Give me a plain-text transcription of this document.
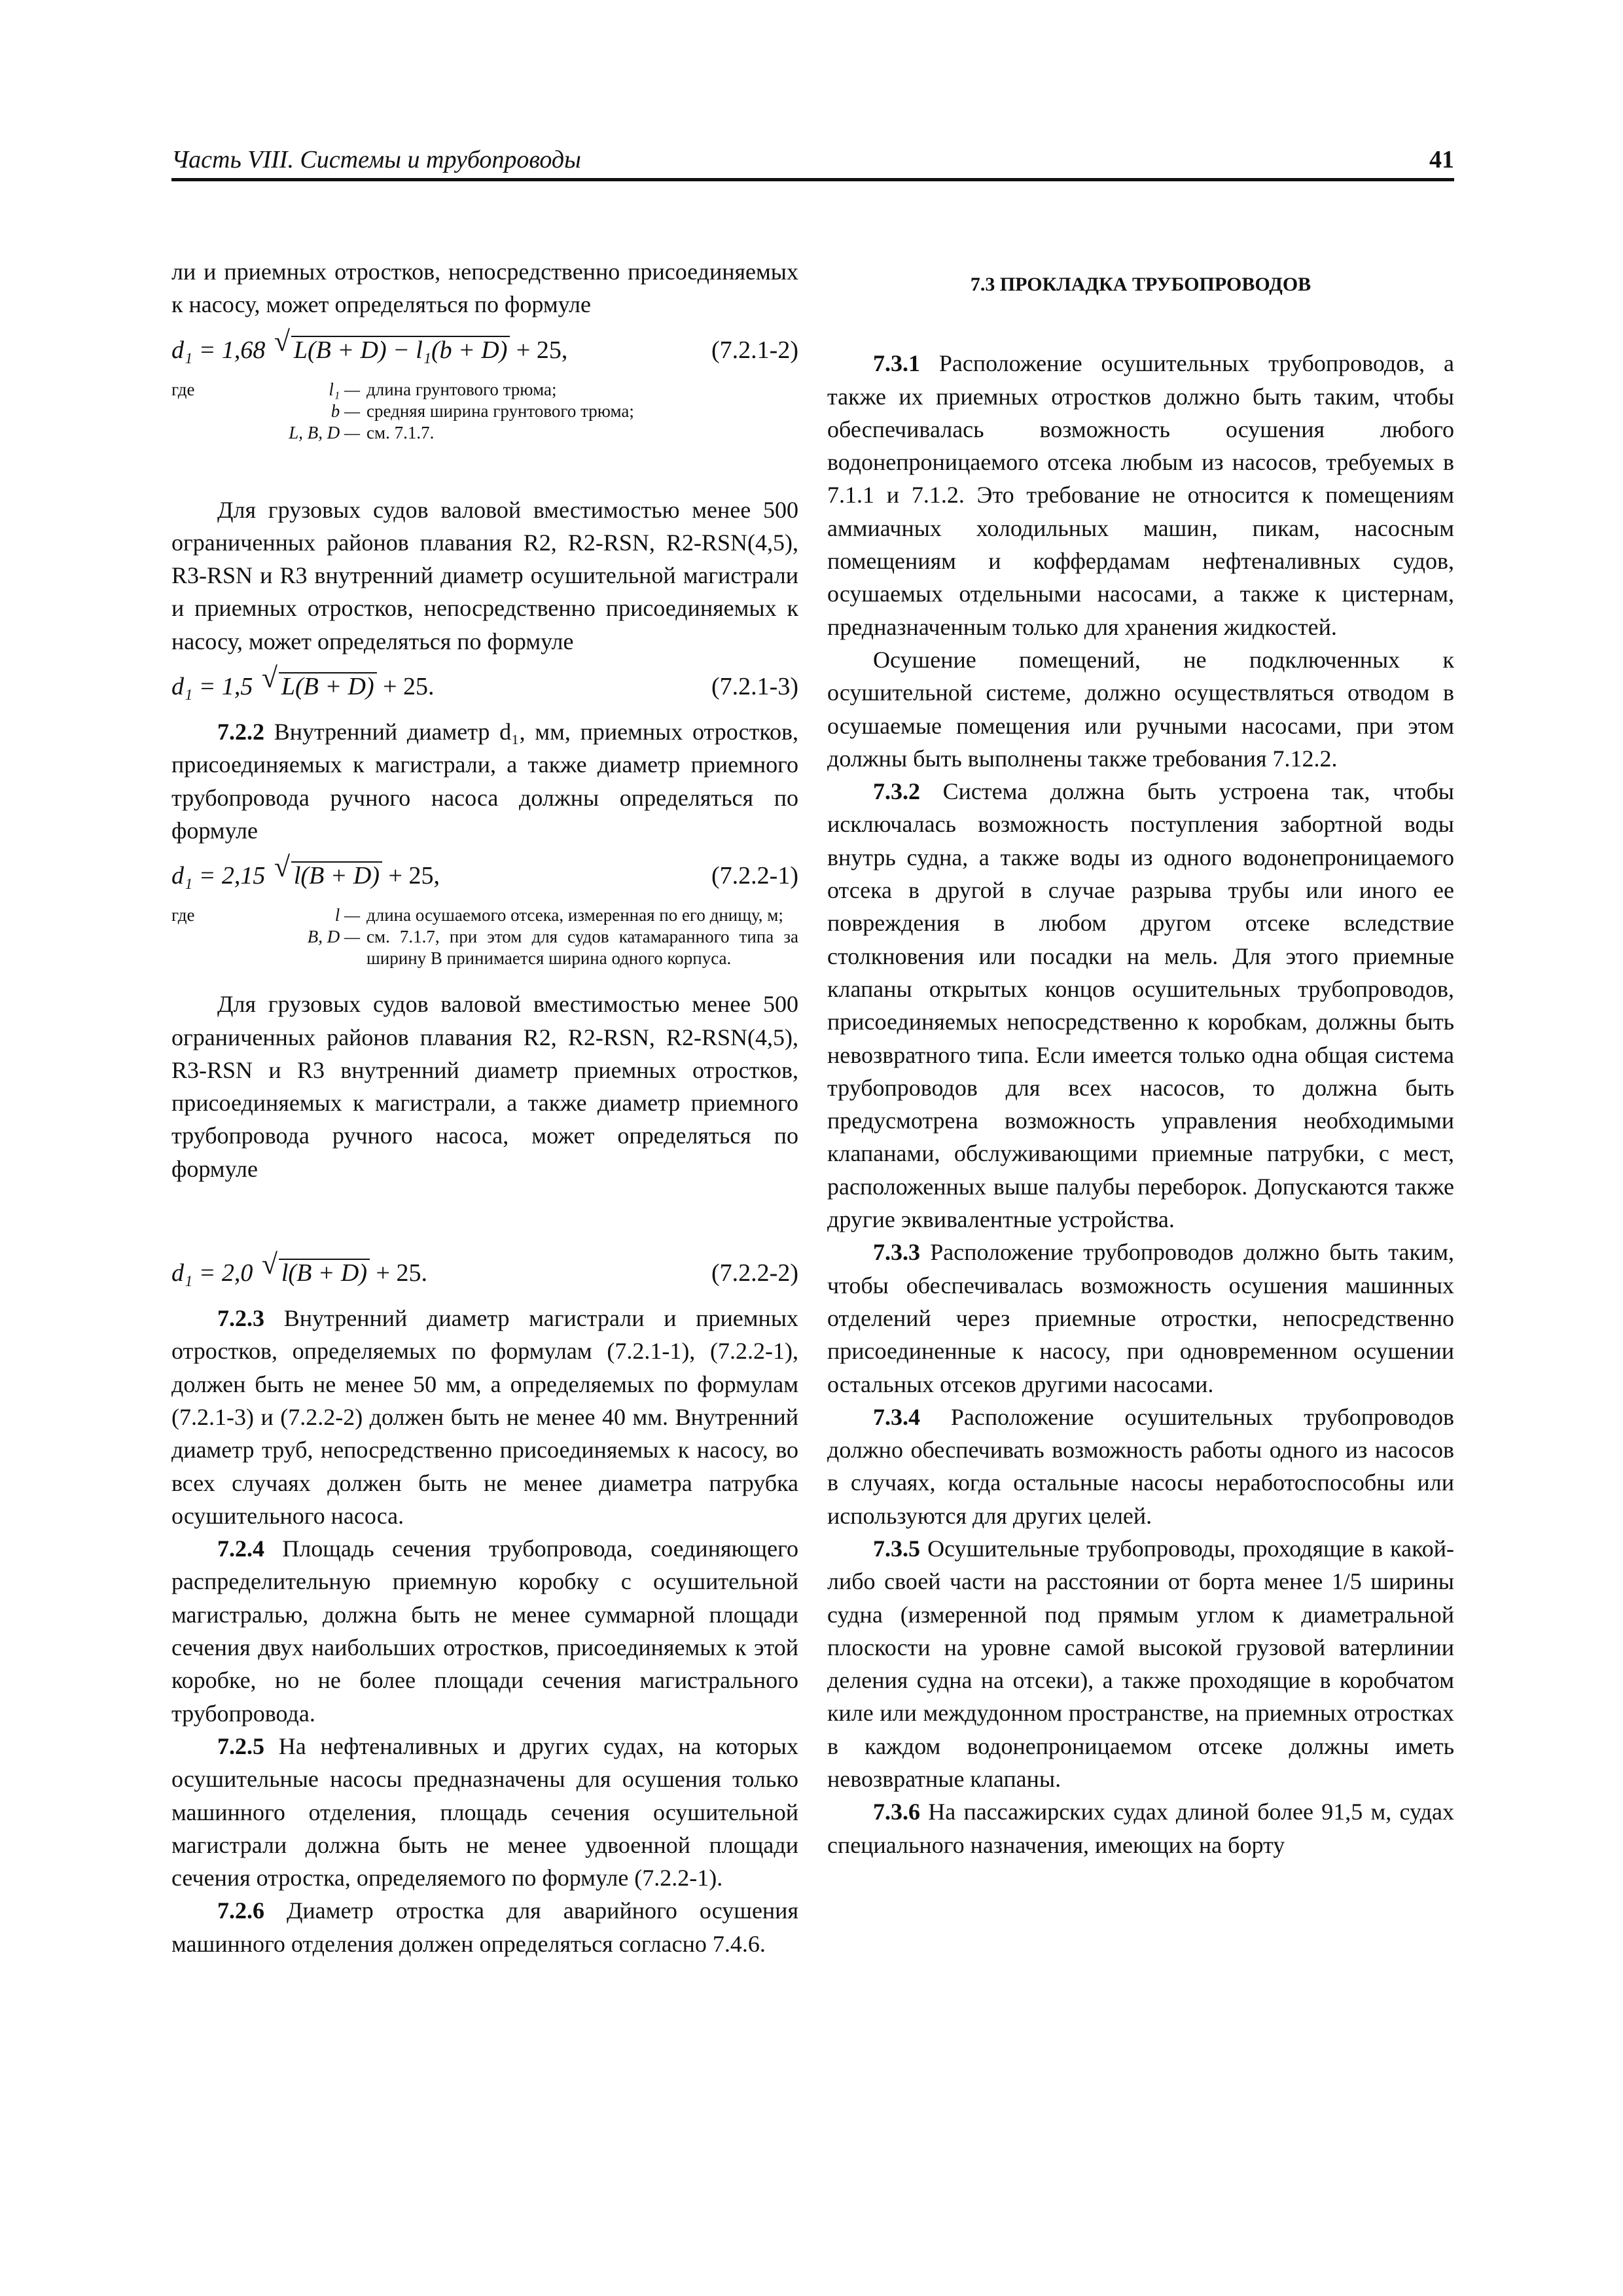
Часть VIII. Системы и трубопроводы	41

ли и приемных отростков, непосредственно присоединяемых к насосу, может определяться по формуле

d₁ = 1,68 √ L(B + D) − l₁(b + D) + 25,	(7.2.1-2)
где	l₁ — длина грунтового трюма;
b — средняя ширина грунтового трюма;
L, B, D — см. 7.1.7.

Для грузовых судов валовой вместимостью менее 500 ограниченных районов плавания R2, R2-RSN, R2-RSN(4,5), R3-RSN и R3 внутренний диаметр осушительной магистрали и приемных отростков, непосредственно присоединяемых к насосу, может определяться по формуле

d₁ = 1,5 √ L(B + D) + 25.	(7.2.1-3)

7.2.2 Внутренний диаметр d₁, мм, приемных отростков, присоединяемых к магистрали, а также диаметр приемного трубопровода ручного насоса должны определяться по формуле

d₁ = 2,15 √ l(B + D) + 25,	(7.2.2-1)
где	l — длина осушаемого отсека, измеренная по его днищу, м;
B, D — см. 7.1.7, при этом для судов катамаранного типа за ширину B принимается ширина одного корпуса.

Для грузовых судов валовой вместимостью менее 500 ограниченных районов плавания R2, R2-RSN, R2-RSN(4,5), R3-RSN и R3 внутренний диаметр приемных отростков, присоединяемых к магистрали, а также диаметр приемного трубопровода ручного насоса, может определяться по формуле

d₁ = 2,0 √ l(B + D) + 25.	(7.2.2-2)

7.2.3 Внутренний диаметр магистрали и приемных отростков, определяемых по формулам (7.2.1-1), (7.2.2-1), должен быть не менее 50 мм, а определяемых по формулам (7.2.1-3) и (7.2.2-2) должен быть не менее 40 мм. Внутренний диаметр труб, непосредственно присоединяемых к насосу, во всех случаях должен быть не менее диаметра патрубка осушительного насоса.

7.2.4 Площадь сечения трубопровода, соединяющего распределительную приемную коробку с осушительной магистралью, должна быть не менее суммарной площади сечения двух наибольших отростков, присоединяемых к этой коробке, но не более площади сечения магистрального трубопровода.

7.2.5 На нефтеналивных и других судах, на которых осушительные насосы предназначены для осушения только машинного отделения, площадь сечения осушительной магистрали должна быть не менее удвоенной площади сечения отростка, определяемого по формуле (7.2.2-1).

7.2.6 Диаметр отростка для аварийного осушения машинного отделения должен определяться согласно 7.4.6.

7.3 ПРОКЛАДКА ТРУБОПРОВОДОВ

7.3.1 Расположение осушительных трубопроводов, а также их приемных отростков должно быть таким, чтобы обеспечивалась возможность осушения любого водонепроницаемого отсека любым из насосов, требуемых в 7.1.1 и 7.1.2. Это требование не относится к помещениям аммиачных холодильных машин, пикам, насосным помещениям и коффердамам нефтеналивных судов, осушаемых отдельными насосами, а также к цистернам, предназначенным только для хранения жидкостей.

Осушение помещений, не подключенных к осушительной системе, должно осуществляться отводом в осушаемые помещения или ручными насосами, при этом должны быть выполнены также требования 7.12.2.

7.3.2 Система должна быть устроена так, чтобы исключалась возможность поступления забортной воды внутрь судна, а также воды из одного водонепроницаемого отсека в другой в случае разрыва трубы или иного ее повреждения в любом другом отсеке вследствие столкновения или посадки на мель. Для этого приемные клапаны открытых концов осушительных трубопроводов, присоединяемых непосредственно к коробкам, должны быть невозвратного типа. Если имеется только одна общая система трубопроводов для всех насосов, то должна быть предусмотрена возможность управления необходимыми клапанами, обслуживающими приемные патрубки, с мест, расположенных выше палубы переборок. Допускаются также другие эквивалентные устройства.

7.3.3 Расположение трубопроводов должно быть таким, чтобы обеспечивалась возможность осушения машинных отделений через приемные отростки, непосредственно присоединенные к насосу, при одновременном осушении остальных отсеков другими насосами.

7.3.4 Расположение осушительных трубопроводов должно обеспечивать возможность работы одного из насосов в случаях, когда остальные насосы неработоспособны или используются для других целей.

7.3.5 Осушительные трубопроводы, проходящие в какой-либо своей части на расстоянии от борта менее 1/5 ширины судна (измеренной под прямым углом к диаметральной плоскости на уровне самой высокой грузовой ватерлинии деления судна на отсеки), а также проходящие в коробчатом киле или междудонном пространстве, на приемных отростках в каждом водонепроницаемом отсеке должны иметь невозвратные клапаны.

7.3.6 На пассажирских судах длиной более 91,5 м, судах специального назначения, имеющих на борту
